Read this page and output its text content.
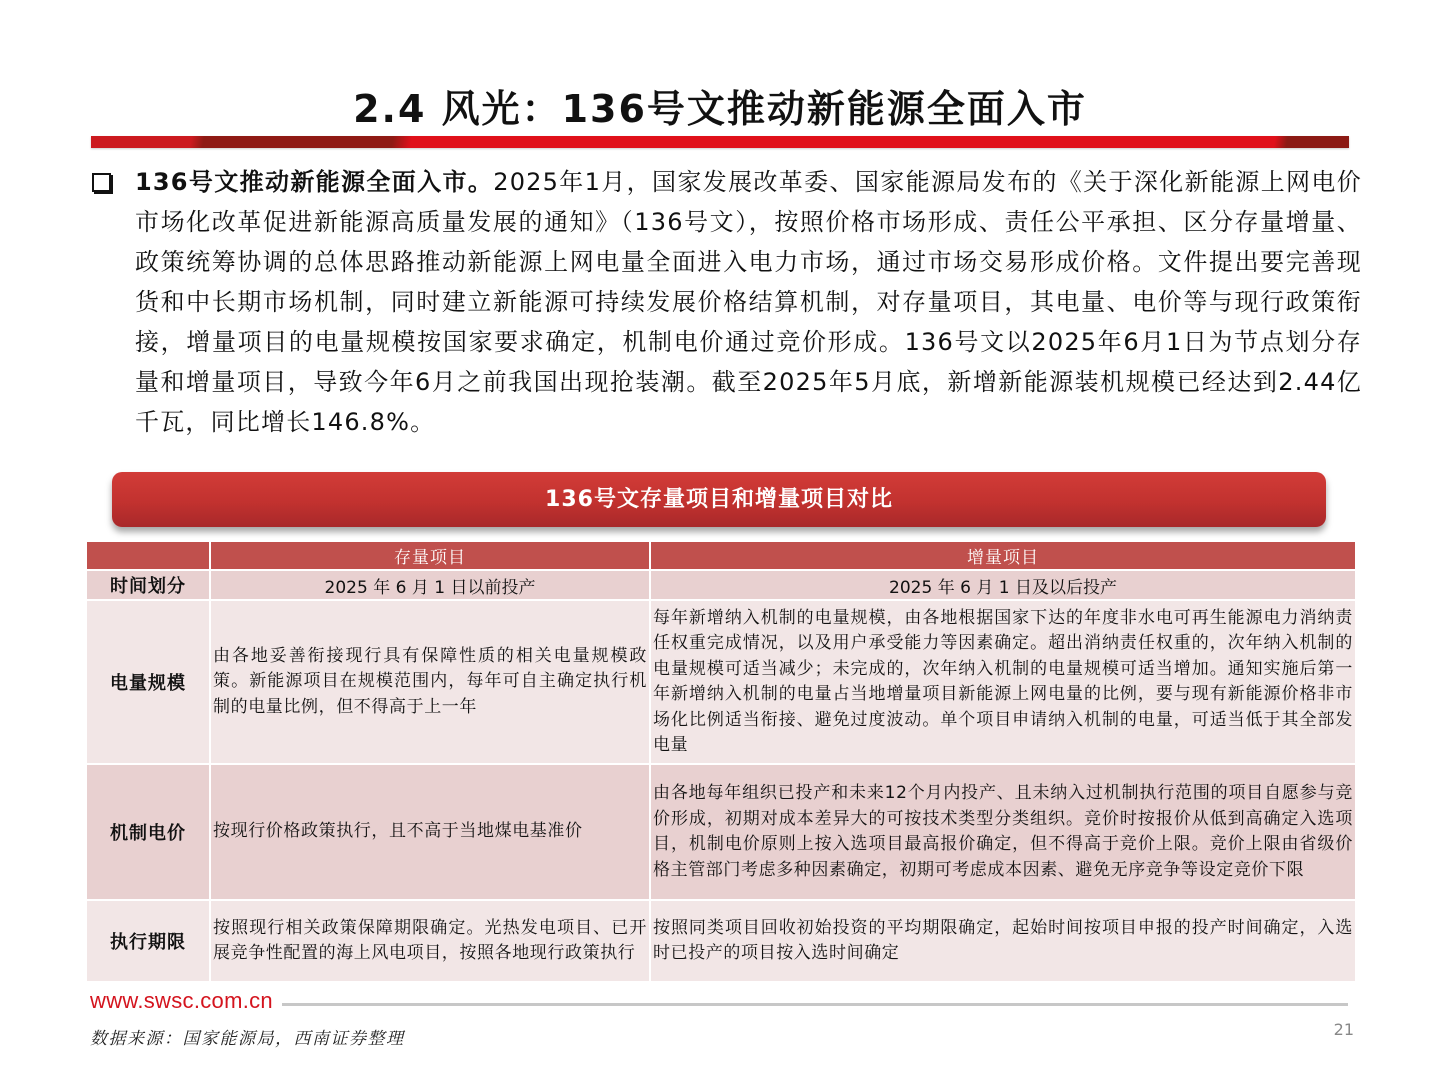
2.4 风光：136号文推动新能源全面入市
136号文推动新能源全面入市。2025年1月，国家发展改革委、国家能源局发布的《关于深化新能源上网电价市场化改革促进新能源高质量发展的通知》（136号文），按照价格市场形成、责任公平承担、区分存量增量、政策统筹协调的总体思路推动新能源上网电量全面进入电力市场，通过市场交易形成价格。文件提出要完善现货和中长期市场机制，同时建立新能源可持续发展价格结算机制，对存量项目，其电量、电价等与现行政策衔接，增量项目的电量规模按国家要求确定，机制电价通过竞价形成。136号文以2025年6月1日为节点划分存量和增量项目，导致今年6月之前我国出现抢装潮。截至2025年5月底，新增新能源装机规模已经达到2.44亿千瓦，同比增长146.8%。
136号文存量项目和增量项目对比
	存量项目	增量项目
时间划分	2025 年 6 月 1 日以前投产	2025 年 6 月 1 日及以后投产
电量规模	由各地妥善衔接现行具有保障性质的相关电量规模政策。新能源项目在规模范围内，每年可自主确定执行机制的电量比例，但不得高于上一年	每年新增纳入机制的电量规模，由各地根据国家下达的年度非水电可再生能源电力消纳责任权重完成情况，以及用户承受能力等因素确定。超出消纳责任权重的，次年纳入机制的电量规模可适当减少；未完成的，次年纳入机制的电量规模可适当增加。通知实施后第一年新增纳入机制的电量占当地增量项目新能源上网电量的比例，要与现有新能源价格非市场化比例适当衔接、避免过度波动。单个项目申请纳入机制的电量，可适当低于其全部发电量
机制电价	按现行价格政策执行，且不高于当地煤电基准价	由各地每年组织已投产和未来12个月内投产、且未纳入过机制执行范围的项目自愿参与竞价形成，初期对成本差异大的可按技术类型分类组织。竞价时按报价从低到高确定入选项目，机制电价原则上按入选项目最高报价确定，但不得高于竞价上限。竞价上限由省级价格主管部门考虑多种因素确定，初期可考虑成本因素、避免无序竞争等设定竞价下限
执行期限	按照现行相关政策保障期限确定。光热发电项目、已开展竞争性配置的海上风电项目，按照各地现行政策执行	按照同类项目回收初始投资的平均期限确定，起始时间按项目申报的投产时间确定，入选时已投产的项目按入选时间确定
www.swsc.com.cn
数据来源：国家能源局，西南证券整理	21
